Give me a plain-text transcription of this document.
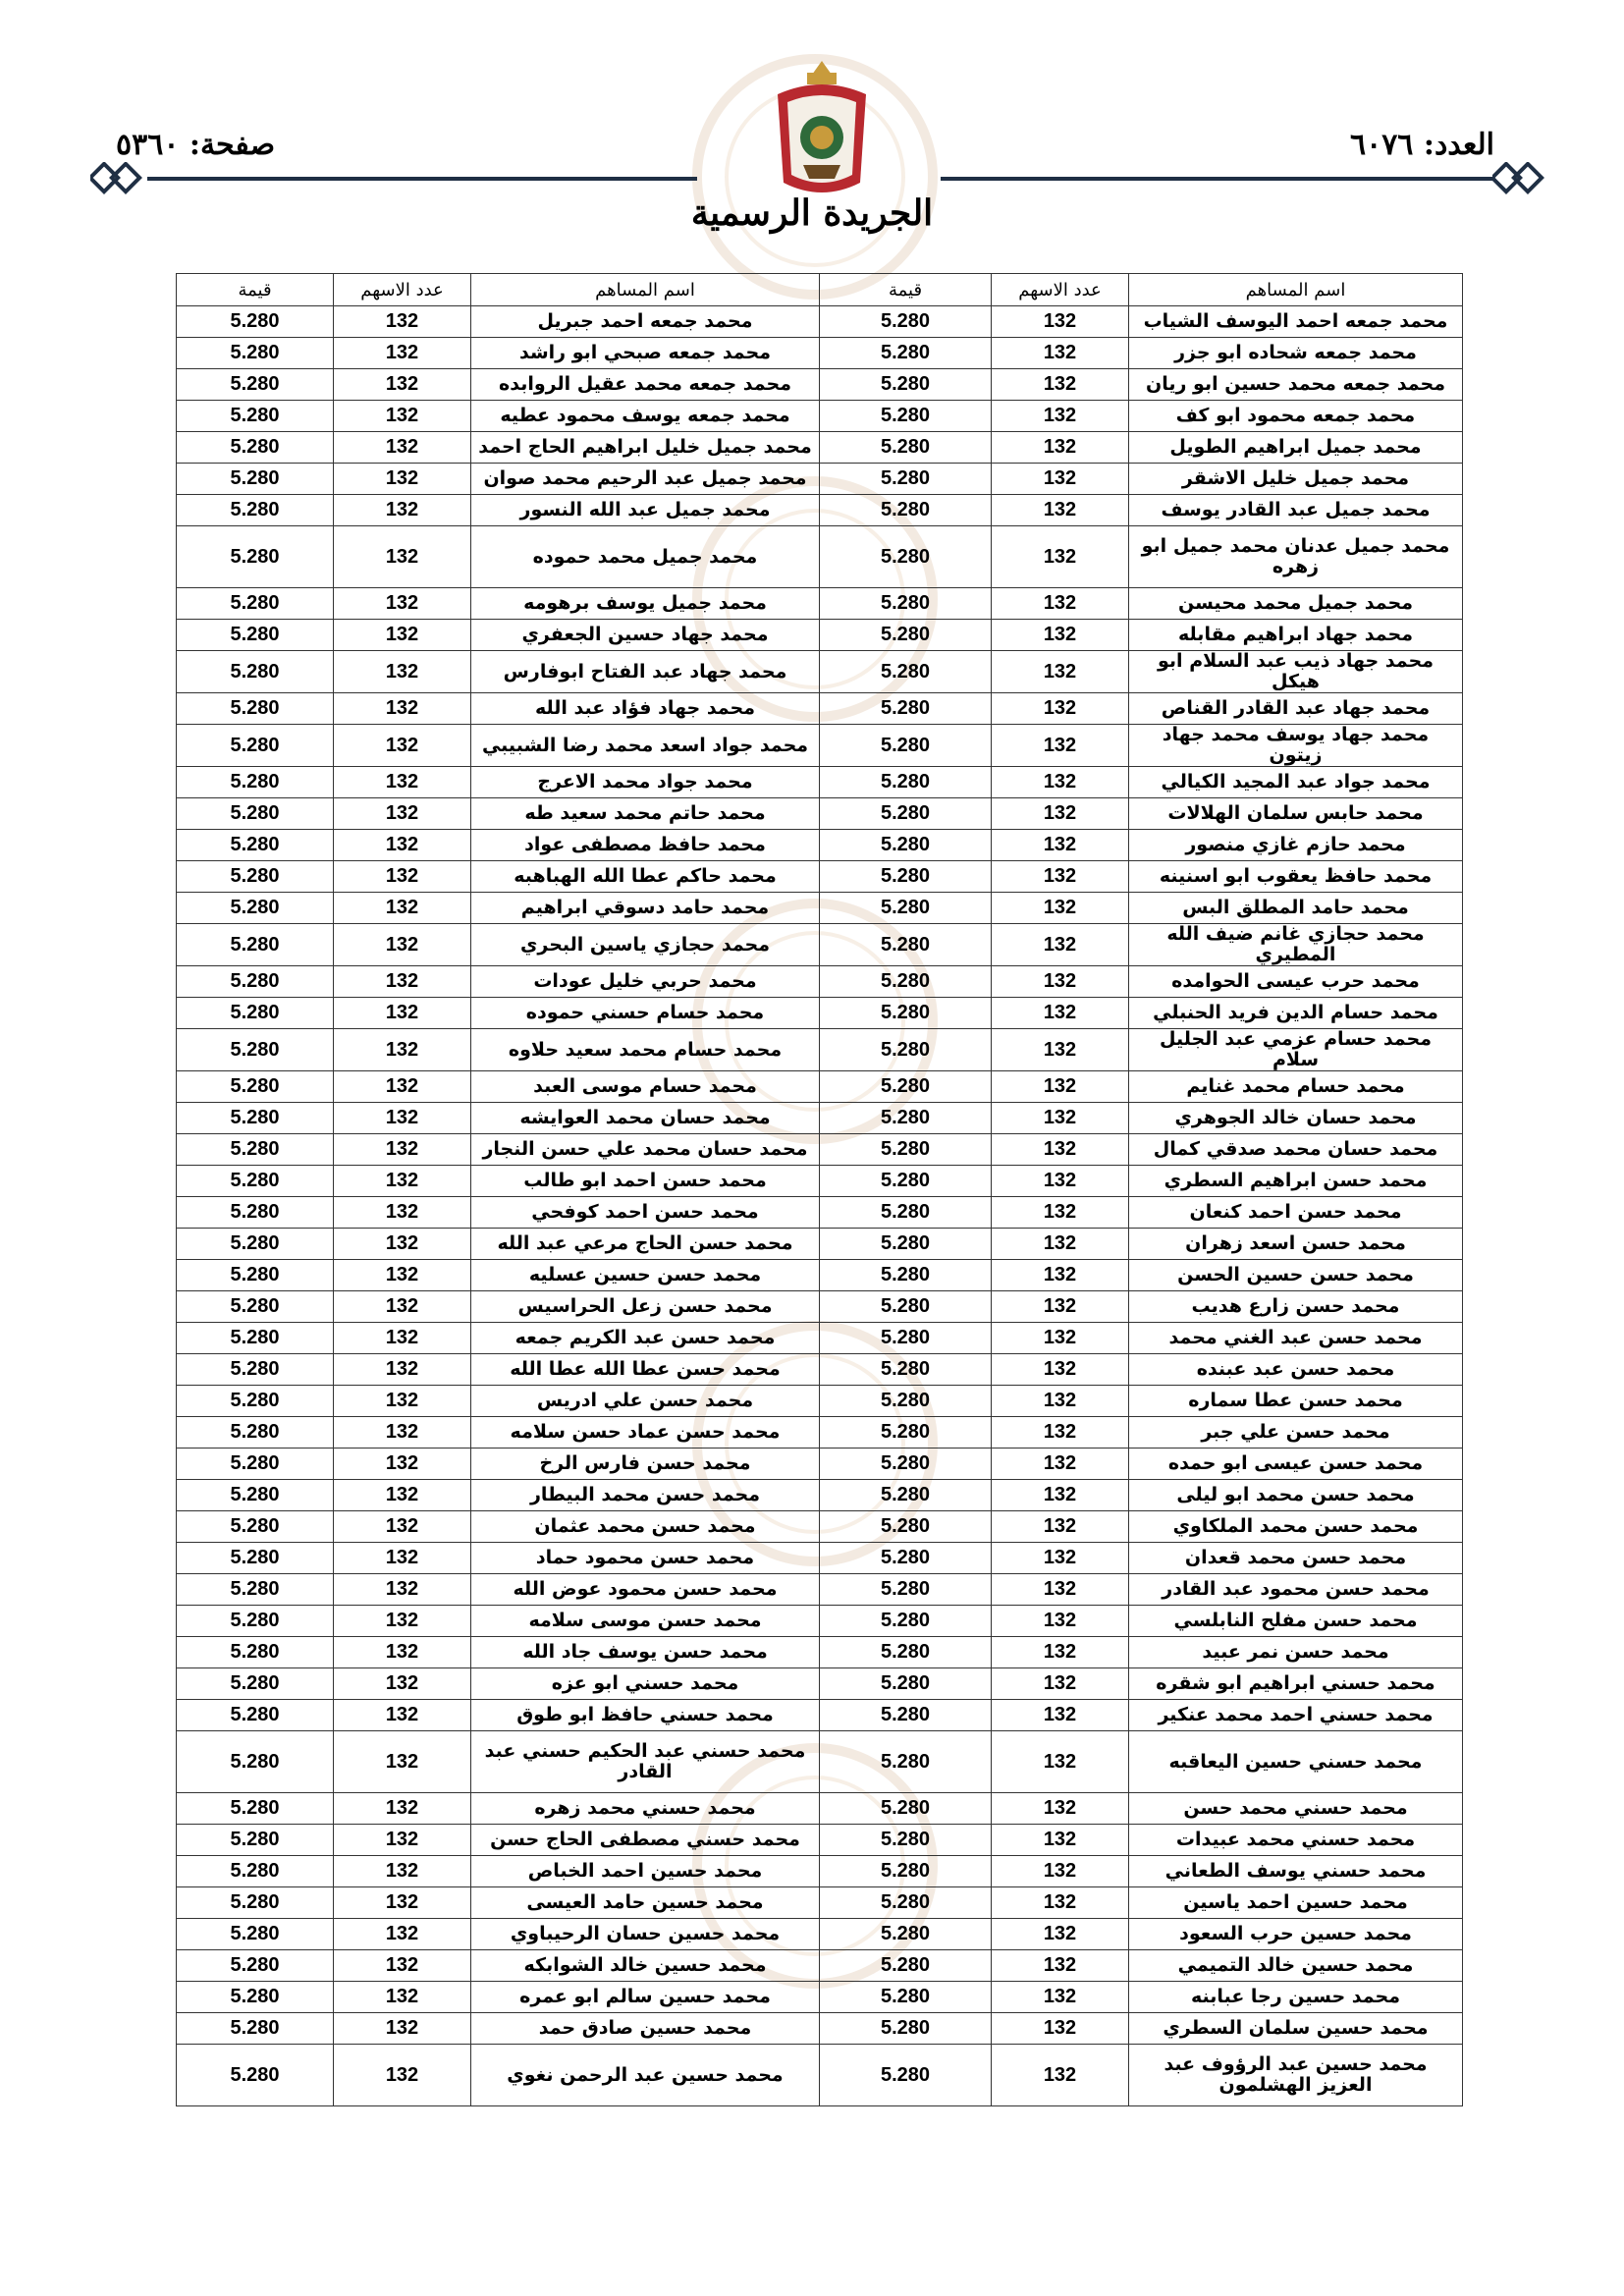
صفحة: ٥٣٦٠	العدد: ٦٠٧٦
الجريدة الرسمية
اسم المساهم	عدد الاسهم	قيمة	اسم المساهم	عدد الاسهم	قيمة
محمد جمعه احمد اليوسف الشياب	132	5.280	محمد جمعه احمد جبريل	132	5.280
محمد جمعه شحاده ابو جزر	132	5.280	محمد جمعه صبحي ابو راشد	132	5.280
محمد جمعه محمد حسين ابو ريان	132	5.280	محمد جمعه محمد عقيل الروابده	132	5.280
محمد جمعه محمود ابو كف	132	5.280	محمد جمعه يوسف محمود عطيه	132	5.280
محمد جميل ابراهيم الطويل	132	5.280	محمد جميل خليل ابراهيم الحاج احمد	132	5.280
محمد جميل خليل الاشقر	132	5.280	محمد جميل عبد الرحيم محمد صوان	132	5.280
محمد جميل عبد القادر يوسف	132	5.280	محمد جميل عبد الله النسور	132	5.280
محمد جميل عدنان محمد جميل ابو زهره	132	5.280	محمد جميل محمد حموده	132	5.280
محمد جميل محمد محيسن	132	5.280	محمد جميل يوسف برهومه	132	5.280
محمد جهاد ابراهيم مقابله	132	5.280	محمد جهاد حسين الجعفري	132	5.280
محمد جهاد ذيب عبد السلام ابو هيكل	132	5.280	محمد جهاد عبد الفتاح ابوفارس	132	5.280
محمد جهاد عبد القادر القناص	132	5.280	محمد جهاد فؤاد عبد الله	132	5.280
محمد جهاد يوسف محمد جهاد زيتون	132	5.280	محمد جواد اسعد محمد رضا الشبيبي	132	5.280
محمد جواد عبد المجيد الكيالي	132	5.280	محمد جواد محمد الاعرج	132	5.280
محمد حابس سلمان الهلالات	132	5.280	محمد حاتم محمد سعيد طه	132	5.280
محمد حازم غازي منصور	132	5.280	محمد حافظ مصطفى عواد	132	5.280
محمد حافظ يعقوب ابو اسنينه	132	5.280	محمد حاكم عطا الله الهباهبه	132	5.280
محمد حامد المطلق البس	132	5.280	محمد حامد دسوقي ابراهيم	132	5.280
محمد حجازي غانم ضيف الله المطيري	132	5.280	محمد حجازي ياسين البحري	132	5.280
محمد حرب عيسى الحوامده	132	5.280	محمد حربي خليل عودات	132	5.280
محمد حسام الدين فريد الحنبلي	132	5.280	محمد حسام حسني حموده	132	5.280
محمد حسام عزمي عبد الجليل سلام	132	5.280	محمد حسام محمد سعيد حلاوه	132	5.280
محمد حسام محمد غنايم	132	5.280	محمد حسام موسى العبد	132	5.280
محمد حسان خالد الجوهري	132	5.280	محمد حسان محمد العوايشه	132	5.280
محمد حسان محمد صدقي كمال	132	5.280	محمد حسان محمد علي حسن النجار	132	5.280
محمد حسن ابراهيم السطري	132	5.280	محمد حسن احمد ابو طالب	132	5.280
محمد حسن احمد كنعان	132	5.280	محمد حسن احمد كوفحي	132	5.280
محمد حسن اسعد زهران	132	5.280	محمد حسن الحاج مرعي عبد الله	132	5.280
محمد حسن حسين الحسن	132	5.280	محمد حسن حسين عسليه	132	5.280
محمد حسن زارع هديب	132	5.280	محمد حسن زعل الحراسيس	132	5.280
محمد حسن عبد الغني محمد	132	5.280	محمد حسن عبد الكريم جمعه	132	5.280
محمد حسن عبد عبنده	132	5.280	محمد حسن عطا الله عطا الله	132	5.280
محمد حسن عطا سماره	132	5.280	محمد حسن علي ادريس	132	5.280
محمد حسن علي جبر	132	5.280	محمد حسن عماد حسن سلامه	132	5.280
محمد حسن عيسى ابو حمده	132	5.280	محمد حسن فارس الرخ	132	5.280
محمد حسن محمد ابو ليلى	132	5.280	محمد حسن محمد البيطار	132	5.280
محمد حسن محمد الملكاوي	132	5.280	محمد حسن محمد عثمان	132	5.280
محمد حسن محمد قعدان	132	5.280	محمد حسن محمود حماد	132	5.280
محمد حسن محمود عبد القادر	132	5.280	محمد حسن محمود عوض الله	132	5.280
محمد حسن مفلح النابلسي	132	5.280	محمد حسن موسى سلامه	132	5.280
محمد حسن نمر عبيد	132	5.280	محمد حسن يوسف جاد الله	132	5.280
محمد حسني ابراهيم ابو شقره	132	5.280	محمد حسني ابو عزه	132	5.280
محمد حسني احمد محمد عنكير	132	5.280	محمد حسني حافظ ابو طوق	132	5.280
محمد حسني حسين اليعاقبه	132	5.280	محمد حسني عبد الحكيم حسني عبد القادر	132	5.280
محمد حسني محمد حسن	132	5.280	محمد حسني محمد زهره	132	5.280
محمد حسني محمد عبيدات	132	5.280	محمد حسني مصطفى الحاج حسن	132	5.280
محمد حسني يوسف الطعاني	132	5.280	محمد حسين احمد الخباص	132	5.280
محمد حسين احمد ياسين	132	5.280	محمد حسين حامد العيسى	132	5.280
محمد حسين حرب السعود	132	5.280	محمد حسين حسان الرحيباوي	132	5.280
محمد حسين خالد التميمي	132	5.280	محمد حسين خالد الشوابكه	132	5.280
محمد حسين رجا عبابنه	132	5.280	محمد حسين سالم ابو عمره	132	5.280
محمد حسين سلمان السطري	132	5.280	محمد حسين صادق حمد	132	5.280
محمد حسين عبد الرؤوف عبد العزيز الهشلمون	132	5.280	محمد حسين عبد الرحمن نغوي	132	5.280
